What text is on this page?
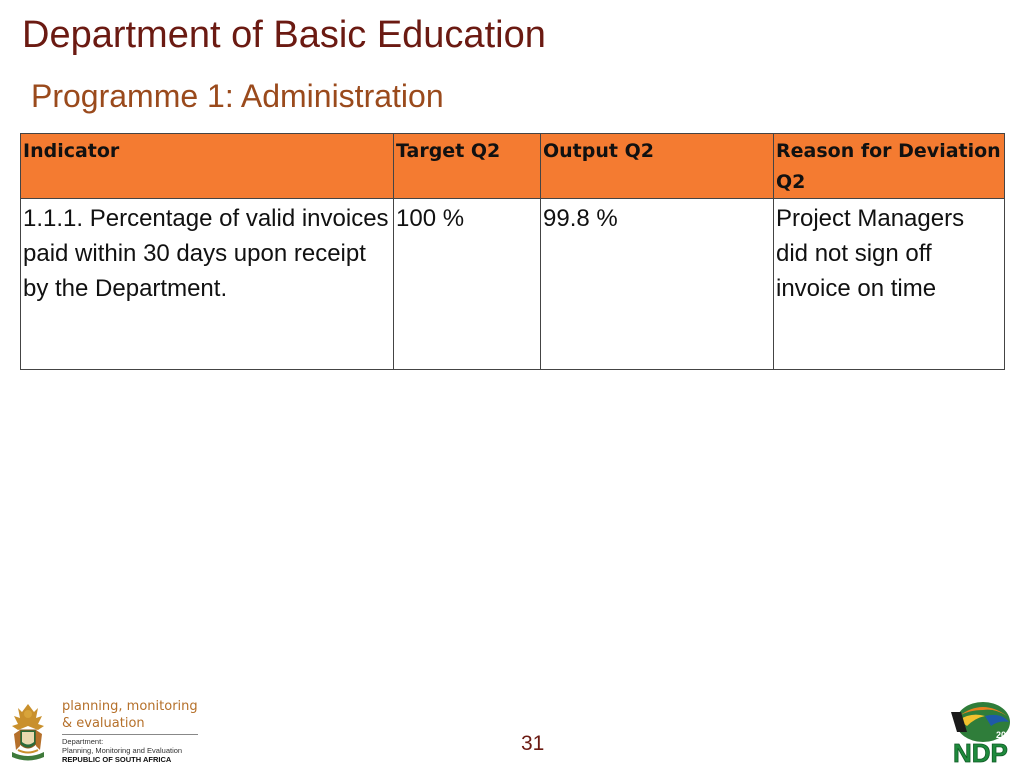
Department of Basic Education
Programme 1: Administration
Indicator	Target Q2	Output Q2	Reason for Deviation Q2
1.1.1. Percentage of valid invoices paid within 30 days upon receipt by the Department.	100 %	99.8 %	Project Managers did not sign off invoice on time
planning, monitoring
& evaluation
Department:
Planning, Monitoring and Evaluation
REPUBLIC OF SOUTH AFRICA
31	2030
NDP
